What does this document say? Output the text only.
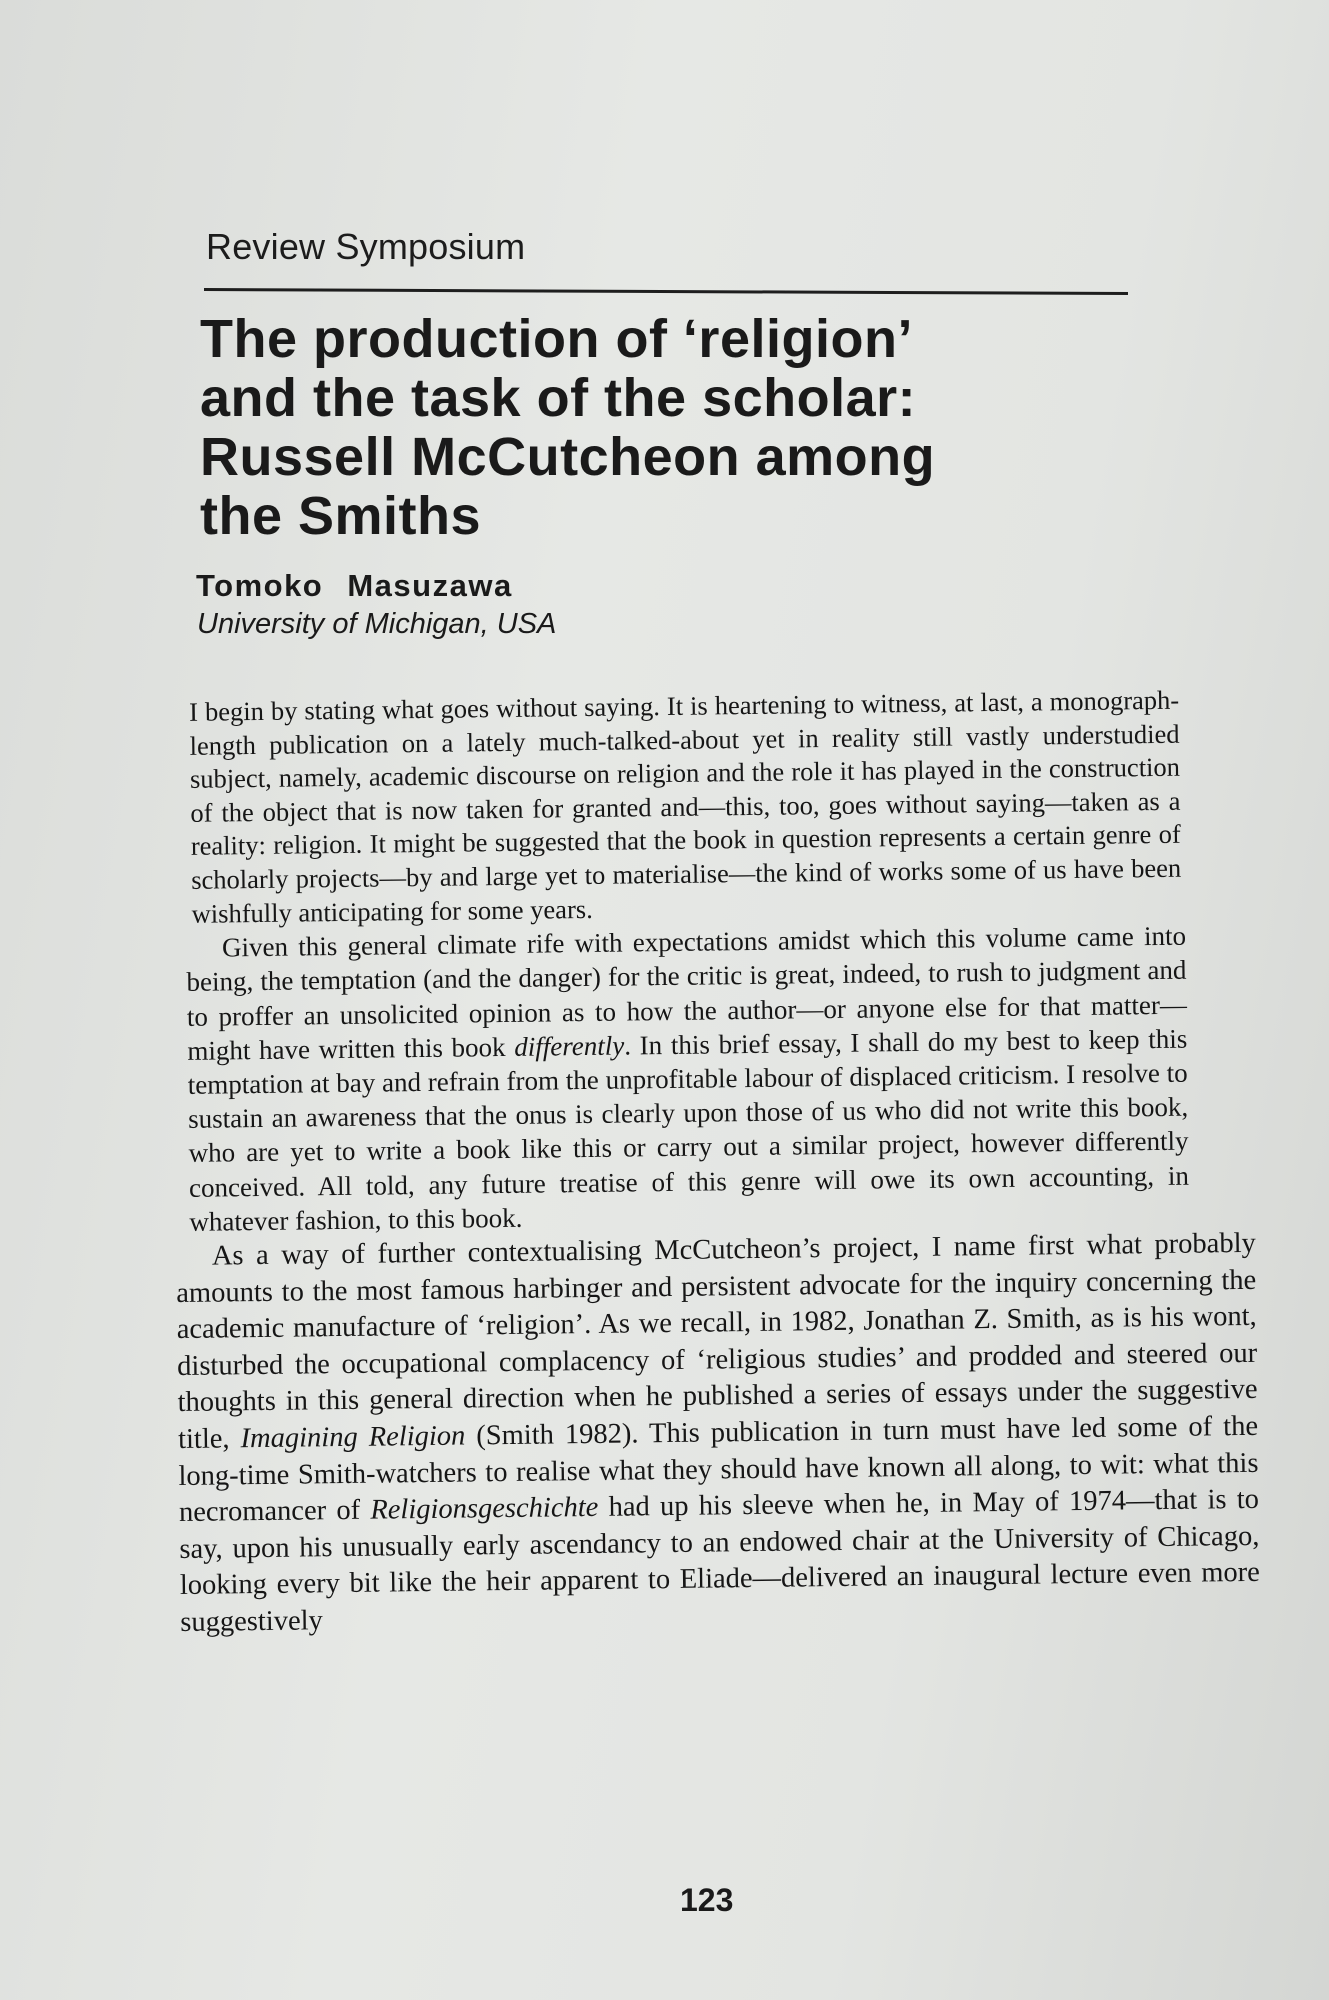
Review Symposium
The production of ‘religion’
and the task of the scholar:
Russell McCutcheon among
the Smiths
Tomoko Masuzawa
University of Michigan, USA

I begin by stating what goes without saying. It is heartening to witness, at last, a monograph-length publication on a lately much-talked-about yet in reality still vastly understudied subject, namely, academic discourse on religion and the role it has played in the construction of the object that is now taken for granted and—this, too, goes without saying—taken as a reality: religion. It might be suggested that the book in question represents a certain genre of scholarly projects—by and large yet to materialise—the kind of works some of us have been wishfully anticipating for some years.

Given this general climate rife with expectations amidst which this volume came into being, the temptation (and the danger) for the critic is great, indeed, to rush to judgment and to proffer an unsolicited opinion as to how the author—or anyone else for that matter—might have written this book differently. In this brief essay, I shall do my best to keep this temptation at bay and refrain from the unprofitable labour of displaced criticism. I resolve to sustain an awareness that the onus is clearly upon those of us who did not write this book, who are yet to write a book like this or carry out a similar project, however differently conceived. All told, any future treatise of this genre will owe its own accounting, in whatever fashion, to this book.

As a way of further contextualising McCutcheon’s project, I name first what probably amounts to the most famous harbinger and persistent advocate for the inquiry concerning the academic manufacture of ‘religion’. As we recall, in 1982, Jonathan Z. Smith, as is his wont, disturbed the occupational complacency of ‘religious studies’ and prodded and steered our thoughts in this general direction when he published a series of essays under the suggestive title, Imagining Religion (Smith 1982). This publication in turn must have led some of the long-time Smith-watchers to realise what they should have known all along, to wit: what this necromancer of Religionsgeschichte had up his sleeve when he, in May of 1974—that is to say, upon his unusually early ascendancy to an endowed chair at the University of Chicago, looking every bit like the heir apparent to Eliade—delivered an inaugural lecture even more suggestively

123
